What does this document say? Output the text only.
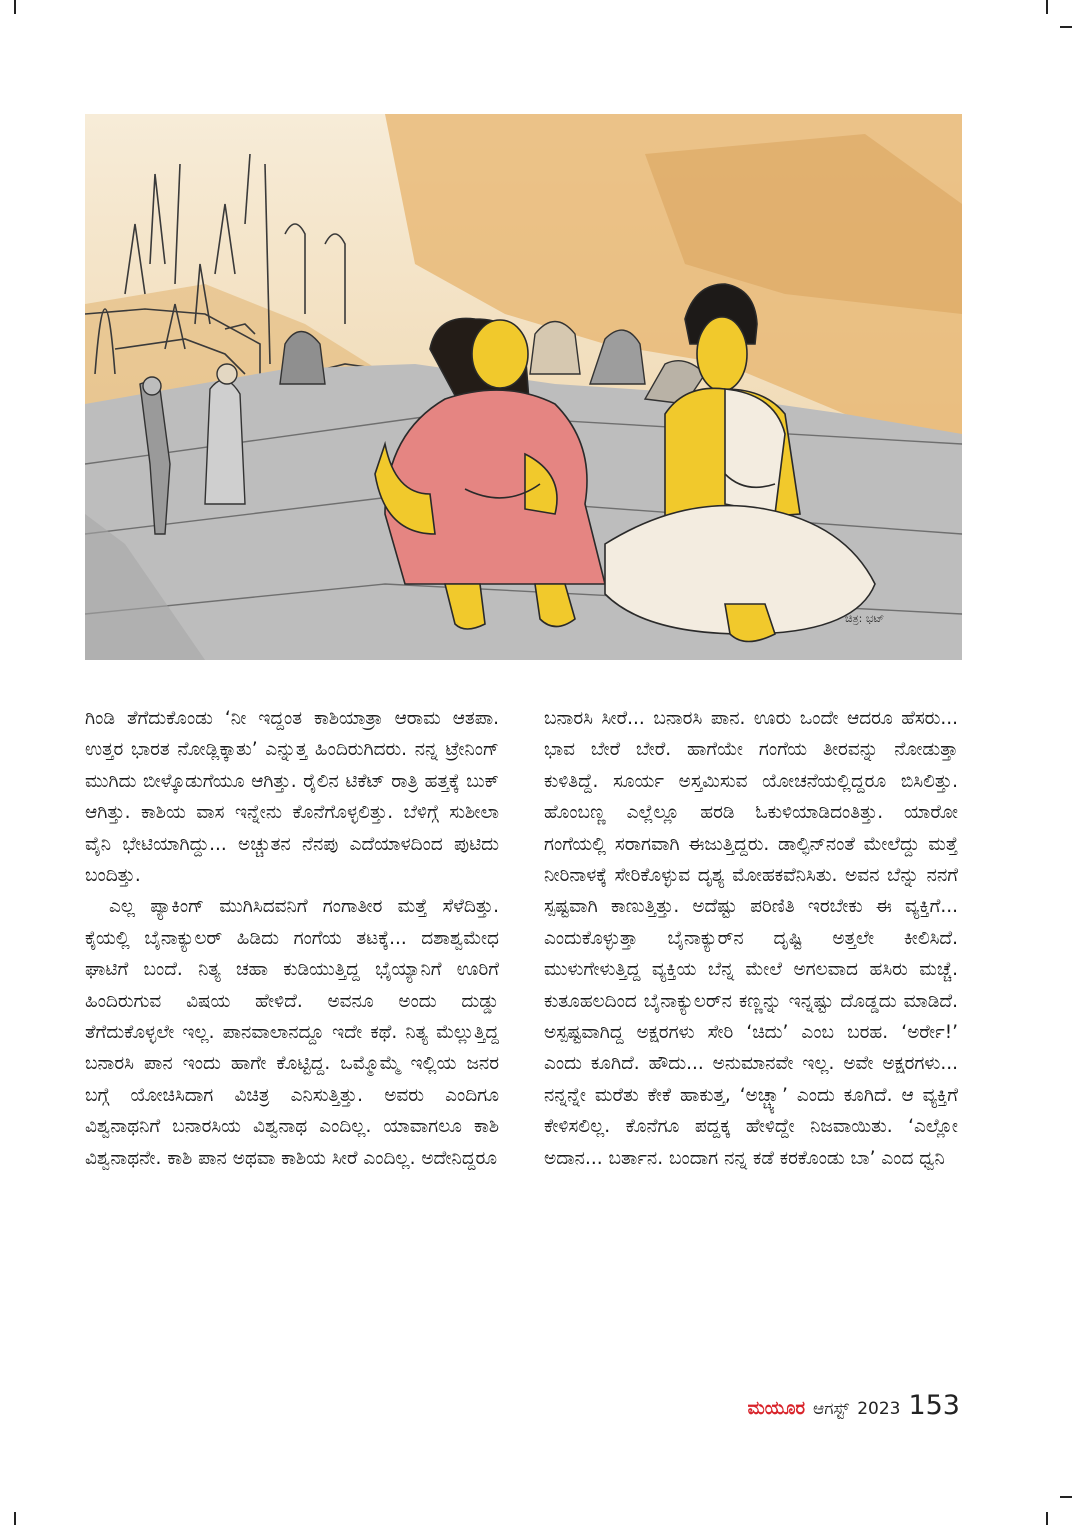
ಚಿತ್ರ: ಭಟ್

ಗಿಂಡಿ ತೆಗೆದುಕೊಂಡು ‘ನೀ ಇದ್ದಂತ ಕಾಶಿಯಾತ್ರಾ ಆರಾಮ ಆತಪಾ. ಉತ್ತರ ಭಾರತ ನೋಡ್ಲಿಕ್ಕಾತು’ ಎನ್ನುತ್ತ ಹಿಂದಿರುಗಿದರು. ನನ್ನ ಟ್ರೇನಿಂಗ್ ಮುಗಿದು ಬೀಳ್ಕೊಡುಗೆಯೂ ಆಗಿತ್ತು. ರೈಲಿನ ಟಿಕೆಟ್ ರಾತ್ರಿ ಹತ್ತಕ್ಕೆ ಬುಕ್ ಆಗಿತ್ತು. ಕಾಶಿಯ ವಾಸ ಇನ್ನೇನು ಕೊನೆಗೊಳ್ಳಲಿತ್ತು. ಬೆಳಿಗ್ಗೆ ಸುಶೀಲಾ ವೈನಿ ಭೇಟಿಯಾಗಿದ್ದು... ಅಚ್ಚುತನ ನೆನಪು ಎದೆಯಾಳದಿಂದ ಪುಟಿದು ಬಂದಿತ್ತು.

ಎಲ್ಲ ಪ್ಯಾಕಿಂಗ್ ಮುಗಿಸಿದವನಿಗೆ ಗಂಗಾತೀರ ಮತ್ತೆ ಸೆಳೆದಿತ್ತು. ಕೈಯಲ್ಲಿ ಬೈನಾಕ್ಯುಲರ್ ಹಿಡಿದು ಗಂಗೆಯ ತಟಕ್ಕೆ... ದಶಾಶ್ವಮೇಧ ಘಾಟಿಗೆ ಬಂದೆ. ನಿತ್ಯ ಚಹಾ ಕುಡಿಯುತ್ತಿದ್ದ ಭೈಯ್ಯಾನಿಗೆ ಊರಿಗೆ ಹಿಂದಿರುಗುವ ವಿಷಯ ಹೇಳಿದೆ. ಅವನೂ ಅಂದು ದುಡ್ಡು ತೆಗೆದುಕೊಳ್ಳಲೇ ಇಲ್ಲ. ಪಾನವಾಲಾನದ್ದೂ ಇದೇ ಕಥೆ. ನಿತ್ಯ ಮೆಲ್ಲುತ್ತಿದ್ದ ಬನಾರಸಿ ಪಾನ ಇಂದು ಹಾಗೇ ಕೊಟ್ಟಿದ್ದ. ಒಮ್ಮೊಮ್ಮೆ ಇಲ್ಲಿಯ ಜನರ ಬಗ್ಗೆ ಯೋಚಿಸಿದಾಗ ವಿಚಿತ್ರ ಎನಿಸುತ್ತಿತ್ತು. ಅವರು ಎಂದಿಗೂ ವಿಶ್ವನಾಥನಿಗೆ ಬನಾರಸಿಯ ವಿಶ್ವನಾಥ ಎಂದಿಲ್ಲ. ಯಾವಾಗಲೂ ಕಾಶಿ ವಿಶ್ವನಾಥನೇ. ಕಾಶಿ ಪಾನ ಅಥವಾ ಕಾಶಿಯ ಸೀರೆ ಎಂದಿಲ್ಲ. ಅದೇನಿದ್ದರೂ

ಬನಾರಸಿ ಸೀರೆ... ಬನಾರಸಿ ಪಾನ. ಊರು ಒಂದೇ ಆದರೂ ಹೆಸರು... ಭಾವ ಬೇರೆ ಬೇರೆ. ಹಾಗೆಯೇ ಗಂಗೆಯ ತೀರವನ್ನು ನೋಡುತ್ತಾ ಕುಳಿತಿದ್ದೆ. ಸೂರ್ಯ ಅಸ್ತಮಿಸುವ ಯೋಚನೆಯಲ್ಲಿದ್ದರೂ ಬಿಸಿಲಿತ್ತು. ಹೊಂಬಣ್ಣ ಎಲ್ಲೆಲ್ಲೂ ಹರಡಿ ಓಕುಳಿಯಾಡಿದಂತಿತ್ತು. ಯಾರೋ ಗಂಗೆಯಲ್ಲಿ ಸರಾಗವಾಗಿ ಈಜುತ್ತಿದ್ದರು. ಡಾಲ್ಫಿನ್‌ನಂತೆ ಮೇಲೆದ್ದು ಮತ್ತೆ ನೀರಿನಾಳಕ್ಕೆ ಸೇರಿಕೊಳ್ಳುವ ದೃಶ್ಯ ಮೋಹಕವೆನಿಸಿತು. ಅವನ ಬೆನ್ನು ನನಗೆ ಸ್ಪಷ್ಟವಾಗಿ ಕಾಣುತ್ತಿತ್ತು. ಅದೆಷ್ಟು ಪರಿಣಿತಿ ಇರಬೇಕು ಈ ವ್ಯಕ್ತಿಗೆ... ಎಂದುಕೊಳ್ಳುತ್ತಾ ಬೈನಾಕ್ಯುರ್‌ನ ದೃಷ್ಟಿ ಅತ್ತಲೇ ಕೀಲಿಸಿದೆ. ಮುಳುಗೇಳುತ್ತಿದ್ದ ವ್ಯಕ್ತಿಯ ಬೆನ್ನ ಮೇಲೆ ಅಗಲವಾದ ಹಸಿರು ಮಚ್ಚೆ. ಕುತೂಹಲದಿಂದ ಬೈನಾಕ್ಯುಲರ್‌ನ ಕಣ್ಣನ್ನು ಇನ್ನಷ್ಟು ದೊಡ್ಡದು ಮಾಡಿದೆ. ಅಸ್ಪಷ್ಟವಾಗಿದ್ದ ಅಕ್ಷರಗಳು ಸೇರಿ ‘ಚಿದು’ ಎಂಬ ಬರಹ. ‘ಅರ್ರೇ!’ ಎಂದು ಕೂಗಿದೆ. ಹೌದು... ಅನುಮಾನವೇ ಇಲ್ಲ. ಅವೇ ಅಕ್ಷರಗಳು... ನನ್ನನ್ನೇ ಮರೆತು ಕೇಕೆ ಹಾಕುತ್ತ, ‘ಅಚ್ಚ್ಯಾ’ ಎಂದು ಕೂಗಿದೆ. ಆ ವ್ಯಕ್ತಿಗೆ ಕೇಳಿಸಲಿಲ್ಲ. ಕೊನೆಗೂ ಪದ್ದಕ್ಕ ಹೇಳಿದ್ದೇ ನಿಜವಾಯಿತು. ‘ಎಲ್ಲೋ ಅದಾನ... ಬರ್ತಾನ. ಬಂದಾಗ ನನ್ನ ಕಡೆ ಕರಕೊಂಡು ಬಾ’ ಎಂದ ಧ್ವನಿ

ಮಯೂರ ಆಗಸ್ಟ್ 2023 153
